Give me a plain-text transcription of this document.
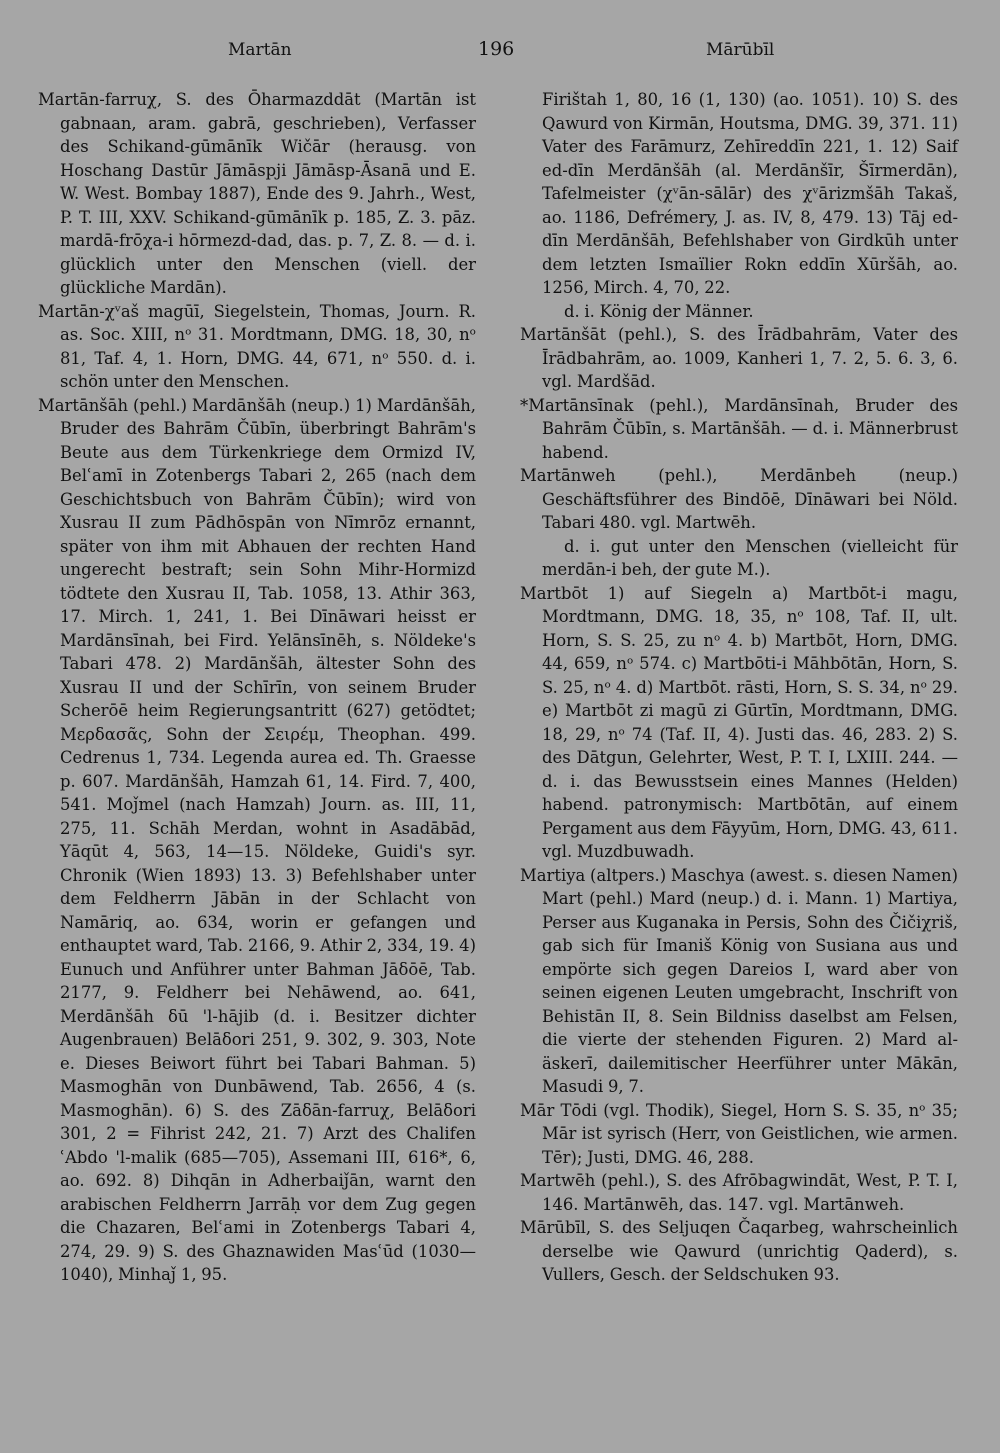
Martān	196	Mārūbīl

Martān-farruχ, S. des Ōharmazddāt (Martān ist gabnaan, aram. gabrā, geschrieben), Verfasser des Schikand-gūmānīk Wičār (herausg. von Hoschang Dastūr Jāmāspji Jāmāsp-Āsanā und E. W. West. Bombay 1887), Ende des 9. Jahrh., West, P. T. III, XXV. Schikand-gūmānīk p. 185, Z. 3. pāz. mardā-frōχa-i hōrmezd-dad, das. p. 7, Z. 8. — d. i. glücklich unter den Menschen (viell. der glückliche Mardān).

Martān-χᵛaš magūī, Siegelstein, Thomas, Journ. R. as. Soc. XIII, nᵒ 31. Mordtmann, DMG. 18, 30, nᵒ 81, Taf. 4, 1. Horn, DMG. 44, 671, nᵒ 550. d. i. schön unter den Menschen.

Martānšāh (pehl.) Mardānšāh (neup.) 1) Mardānšāh, Bruder des Bahrām Čūbīn, überbringt Bahrām's Beute aus dem Türkenkriege dem Ormizd IV, Belʿamī in Zotenbergs Tabari 2, 265 (nach dem Geschichtsbuch von Bahrām Čūbīn); wird von Xusrau II zum Pādhōspān von Nīmrōz ernannt, später von ihm mit Abhauen der rechten Hand ungerecht bestraft; sein Sohn Mihr-Hormizd tödtete den Xusrau II, Tab. 1058, 13. Athir 363, 17. Mirch. 1, 241, 1. Bei Dīnāwari heisst er Mardānsīnah, bei Fird. Yelānsīnēh, s. Nöldeke's Tabari 478. 2) Mardānšāh, ältester Sohn des Xusrau II und der Schīrīn, von seinem Bruder Scherōē heim Regierungsantritt (627) getödtet; Μερδασᾶς, Sohn der Σειρέμ, Theophan. 499. Cedrenus 1, 734. Legenda aurea ed. Th. Graesse p. 607. Mardānšāh, Hamzah 61, 14. Fird. 7, 400, 541. Moǰmel (nach Hamzah) Journ. as. III, 11, 275, 11. Schāh Merdan, wohnt in Asadābād, Yāqūt 4, 563, 14—15. Nöldeke, Guidi's syr. Chronik (Wien 1893) 13. 3) Befehlshaber unter dem Feldherrn Jābān in der Schlacht von Namāriq, ao. 634, worin er gefangen und enthauptet ward, Tab. 2166, 9. Athir 2, 334, 19. 4) Eunuch und Anführer unter Bahman Jāδōē, Tab. 2177, 9. Feldherr bei Nehāwend, ao. 641, Merdānšāh δū 'l-hājib (d. i. Besitzer dichter Augenbrauen) Belāδori 251, 9. 302, 9. 303, Note e. Dieses Beiwort führt bei Tabari Bahman. 5) Masmoghān von Dunbāwend, Tab. 2656, 4 (s. Masmoghān). 6) S. des Zāδān-farruχ, Belāδori 301, 2 = Fihrist 242, 21. 7) Arzt des Chalifen ʿAbdo 'l-malik (685—705), Assemani III, 616*, 6, ao. 692. 8) Dihqān in Adherbaiǰān, warnt den arabischen Feldherrn Jarrāḥ vor dem Zug gegen die Chazaren, Belʿami in Zotenbergs Tabari 4, 274, 29. 9) S. des Ghaznawiden Masʿūd (1030—1040), Minhaǰ 1, 95.

Firištah 1, 80, 16 (1, 130) (ao. 1051). 10) S. des Qawurd von Kirmān, Houtsma, DMG. 39, 371. 11) Vater des Farāmurz, Zehīreddīn 221, 1. 12) Saif ed-dīn Merdānšāh (al. Merdānšīr, Šīrmerdān), Tafelmeister (χᵛān-sālār) des χᵛārizmšāh Takaš, ao. 1186, Defrémery, J. as. IV, 8, 479. 13) Tāj ed-dīn Merdānšāh, Befehlshaber von Girdkūh unter dem letzten Ismaïlier Rokn eddīn Xūršāh, ao. 1256, Mirch. 4, 70, 22.

d. i. König der Männer.

Martānšāt (pehl.), S. des Īrādbahrām, Vater des Īrādbahrām, ao. 1009, Kanheri 1, 7. 2, 5. 6. 3, 6. vgl. Mardšād.

*Martānsīnak (pehl.), Mardānsīnah, Bruder des Bahrām Čūbīn, s. Martānšāh. — d. i. Männerbrust habend.

Martānweh (pehl.), Merdānbeh (neup.) Geschäftsführer des Bindōē, Dīnāwari bei Nöld. Tabari 480. vgl. Martwēh.

d. i. gut unter den Menschen (vielleicht für merdān-i beh, der gute M.).

Martbōt 1) auf Siegeln a) Martbōt-i magu, Mordtmann, DMG. 18, 35, nᵒ 108, Taf. II, ult. Horn, S. S. 25, zu nᵒ 4. b) Martbōt, Horn, DMG. 44, 659, nᵒ 574. c) Martbōti-i Māhbōtān, Horn, S. S. 25, nᵒ 4. d) Martbōt. rāsti, Horn, S. S. 34, nᵒ 29. e) Martbōt zi magū zi Gūrtīn, Mordtmann, DMG. 18, 29, nᵒ 74 (Taf. II, 4). Justi das. 46, 283. 2) S. des Dātgun, Gelehrter, West, P. T. I, LXIII. 244. — d. i. das Bewusstsein eines Mannes (Helden) habend. patronymisch: Martbōtān, auf einem Pergament aus dem Fāyyūm, Horn, DMG. 43, 611. vgl. Muzdbuwadh.

Martiya (altpers.) Maschya (awest. s. diesen Namen) Mart (pehl.) Mard (neup.) d. i. Mann. 1) Martiya, Perser aus Kuganaka in Persis, Sohn des Čičiχriš, gab sich für Imaniš König von Susiana aus und empörte sich gegen Dareios I, ward aber von seinen eigenen Leuten umgebracht, Inschrift von Behistān II, 8. Sein Bildniss daselbst am Felsen, die vierte der stehenden Figuren. 2) Mard al-äskerī, dailemitischer Heerführer unter Mākān, Masudi 9, 7.

Mār Tōdi (vgl. Thodik), Siegel, Horn S. S. 35, nᵒ 35; Mār ist syrisch (Herr, von Geistlichen, wie armen. Tēr); Justi, DMG. 46, 288.

Martwēh (pehl.), S. des Afrōbagwindāt, West, P. T. I, 146. Martānwēh, das. 147. vgl. Martānweh.

Mārūbīl, S. des Seljuqen Čaqarbeg, wahrscheinlich derselbe wie Qawurd (unrichtig Qaderd), s. Vullers, Gesch. der Seldschuken 93.
